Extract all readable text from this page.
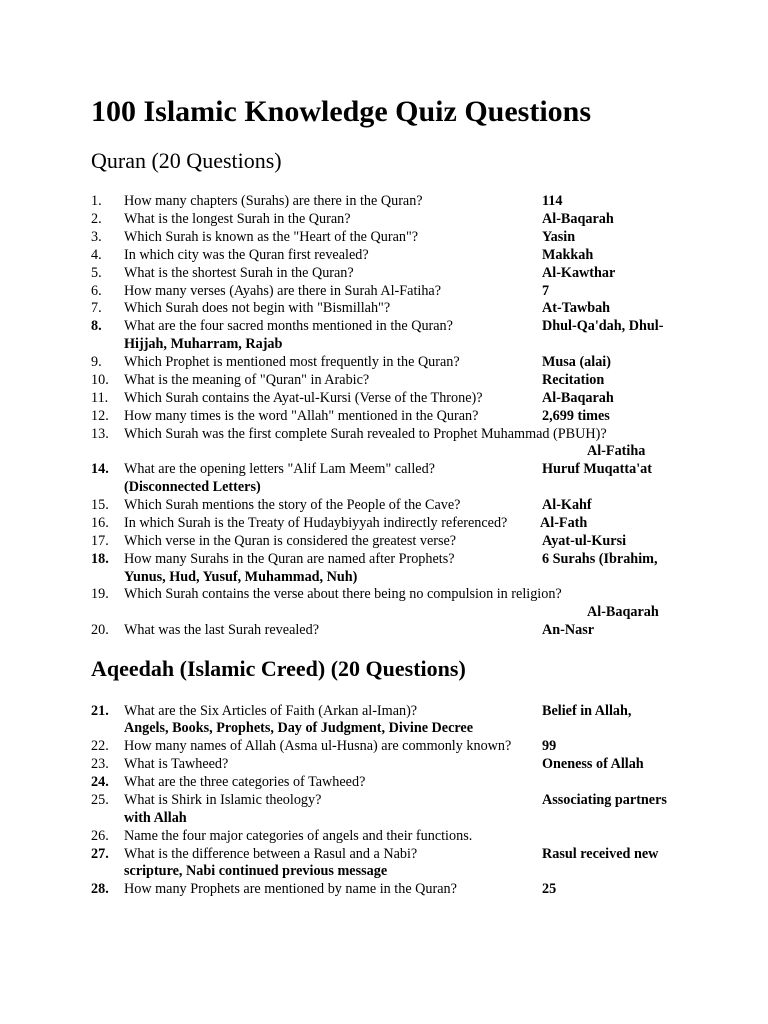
100 Islamic Knowledge Quiz Questions
Quran (20 Questions)
1. How many chapters (Surahs) are there in the Quran?	114
2. What is the longest Surah in the Quran?	Al-Baqarah
3. Which Surah is known as the "Heart of the Quran"?	Yasin
4. In which city was the Quran first revealed?	Makkah
5. What is the shortest Surah in the Quran?	Al-Kawthar
6. How many verses (Ayahs) are there in Surah Al-Fatiha?	7
7. Which Surah does not begin with "Bismillah"?	At-Tawbah
8. What are the four sacred months mentioned in the Quran?	Dhul-Qa'dah, Dhul-
Hijjah, Muharram, Rajab
9. Which Prophet is mentioned most frequently in the Quran?	Musa (alai)
10. What is the meaning of "Quran" in Arabic?	Recitation
11. Which Surah contains the Ayat-ul-Kursi (Verse of the Throne)?	Al-Baqarah
12. How many times is the word "Allah" mentioned in the Quran?	2,699 times
13. Which Surah was the first complete Surah revealed to Prophet Muhammad (PBUH)?
Al-Fatiha
14. What are the opening letters "Alif Lam Meem" called?	Huruf Muqatta'at
(Disconnected Letters)
15. Which Surah mentions the story of the People of the Cave?	Al-Kahf
16. In which Surah is the Treaty of Hudaybiyyah indirectly referenced? Al-Fath
17. Which verse in the Quran is considered the greatest verse?	Ayat-ul-Kursi
18. How many Surahs in the Quran are named after Prophets?	6 Surahs (Ibrahim,
Yunus, Hud, Yusuf, Muhammad, Nuh)
19. Which Surah contains the verse about there being no compulsion in religion?
Al-Baqarah
20. What was the last Surah revealed?	An-Nasr
Aqeedah (Islamic Creed) (20 Questions)
21. What are the Six Articles of Faith (Arkan al-Iman)?	Belief in Allah,
Angels, Books, Prophets, Day of Judgment, Divine Decree
22. How many names of Allah (Asma ul-Husna) are commonly known? 99
23. What is Tawheed?	Oneness of Allah
24. What are the three categories of Tawheed?
25. What is Shirk in Islamic theology?	Associating partners
with Allah
26. Name the four major categories of angels and their functions.
27. What is the difference between a Rasul and a Nabi?	Rasul received new
scripture, Nabi continued previous message
28. How many Prophets are mentioned by name in the Quran?	25
